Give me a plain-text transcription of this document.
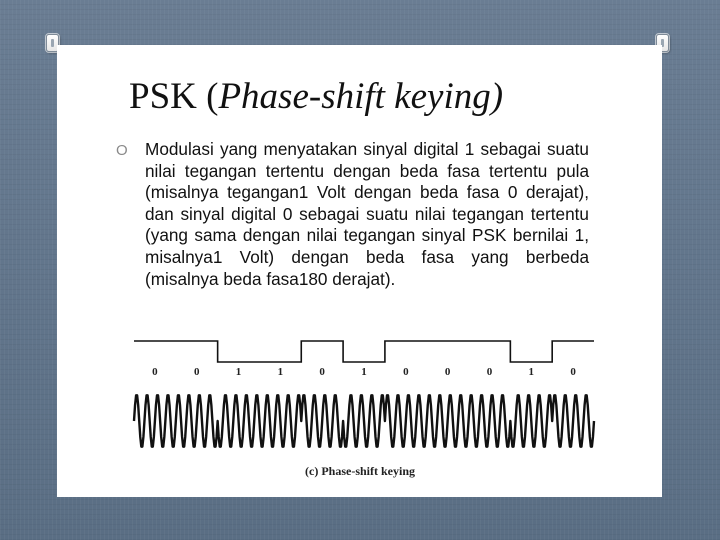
PSK (Phase-shift keying)
O Modulasi yang menyatakan sinyal digital 1 sebagai suatu nilai tegangan tertentu dengan beda fasa tertentu pula (misalnya tegangan1 Volt dengan beda fasa 0 derajat), dan sinyal digital 0 sebagai suatu nilai tegangan tertentu (yang sama dengan nilai tegangan sinyal PSK bernilai 1, misalnya1 Volt) dengan beda fasa yang berbeda (misalnya beda fasa180 derajat).
0	0	1	1	0	1	0	0	0	1	0
(c) Phase-shift keying
